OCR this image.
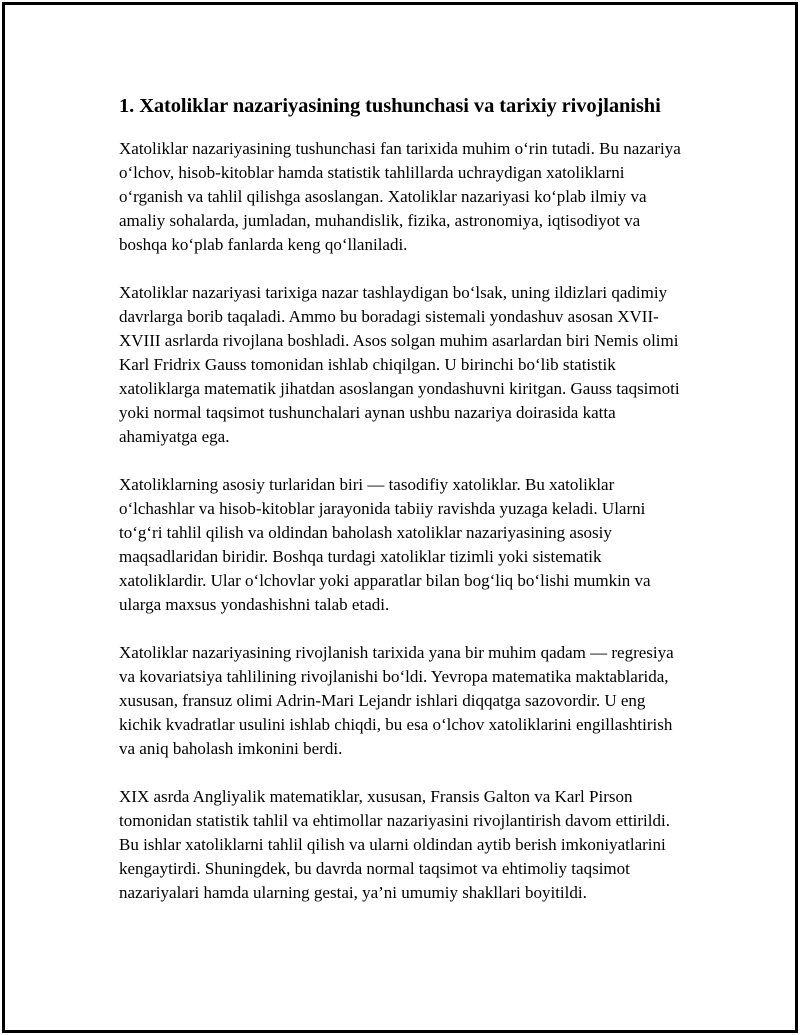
1. Xatoliklar nazariyasining tushunchasi va tarixiy rivojlanishi

Xatoliklar nazariyasining tushunchasi fan tarixida muhim o‘rin tutadi. Bu nazariya o‘lchov, hisob-kitoblar hamda statistik tahlillarda uchraydigan xatoliklarni o‘rganish va tahlil qilishga asoslangan. Xatoliklar nazariyasi ko‘plab ilmiy va amaliy sohalarda, jumladan, muhandislik, fizika, astronomiya, iqtisodiyot va boshqa ko‘plab fanlarda keng qo‘llaniladi.

Xatoliklar nazariyasi tarixiga nazar tashlaydigan bo‘lsak, uning ildizlari qadimiy davrlarga borib taqaladi. Ammo bu boradagi sistemali yondashuv asosan XVII-XVIII asrlarda rivojlana boshladi. Asos solgan muhim asarlardan biri Nemis olimi Karl Fridrix Gauss tomonidan ishlab chiqilgan. U birinchi bo‘lib statistik xatoliklarga matematik jihatdan asoslangan yondashuvni kiritgan. Gauss taqsimoti yoki normal taqsimot tushunchalari aynan ushbu nazariya doirasida katta ahamiyatga ega.

Xatoliklarning asosiy turlaridan biri — tasodifiy xatoliklar. Bu xatoliklar o‘lchashlar va hisob-kitoblar jarayonida tabiiy ravishda yuzaga keladi. Ularni to‘g‘ri tahlil qilish va oldindan baholash xatoliklar nazariyasining asosiy maqsadlaridan biridir. Boshqa turdagi xatoliklar tizimli yoki sistematik xatoliklardir. Ular o‘lchovlar yoki apparatlar bilan bog‘liq bo‘lishi mumkin va ularga maxsus yondashishni talab etadi.

Xatoliklar nazariyasining rivojlanish tarixida yana bir muhim qadam — regresiya va kovariatsiya tahlilining rivojlanishi bo‘ldi. Yevropa matematika maktablarida, xususan, fransuz olimi Adrin-Mari Lejandr ishlari diqqatga sazovordir. U eng kichik kvadratlar usulini ishlab chiqdi, bu esa o‘lchov xatoliklarini engillashtirish va aniq baholash imkonini berdi.

XIX asrda Angliyalik matematiklar, xususan, Fransis Galton va Karl Pirson tomonidan statistik tahlil va ehtimollar nazariyasini rivojlantirish davom ettirildi. Bu ishlar xatoliklarni tahlil qilish va ularni oldindan aytib berish imkoniyatlarini kengaytirdi. Shuningdek, bu davrda normal taqsimot va ehtimoliy taqsimot nazariyalari hamda ularning gestai, ya’ni umumiy shakllari boyitildi.
